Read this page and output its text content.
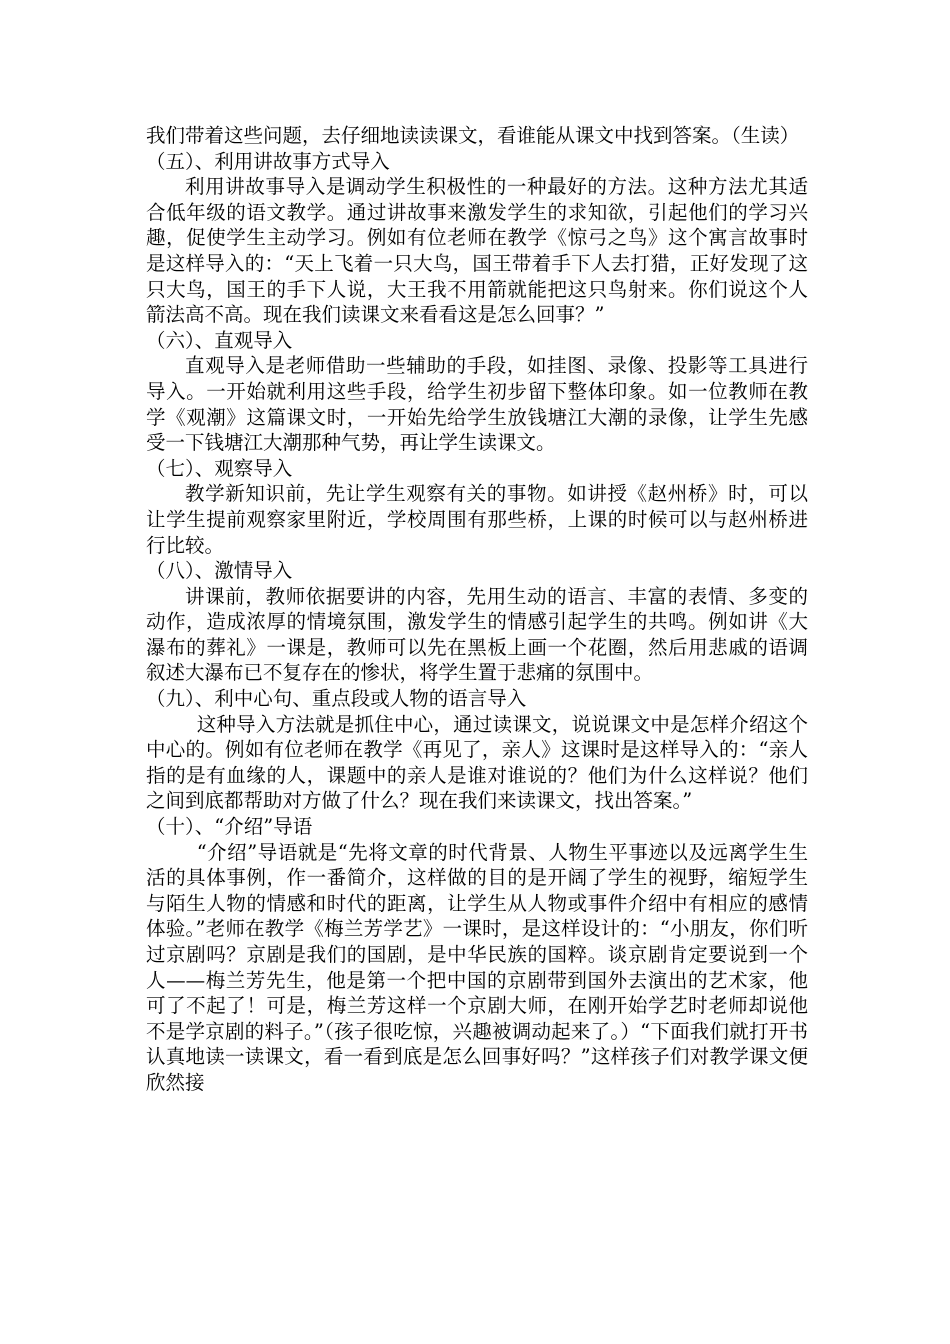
我们带着这些问题，去仔细地读读课文，看谁能从课文中找到答案。（生读）

（五）、利用讲故事方式导入

利用讲故事导入是调动学生积极性的一种最好的方法。这种方法尤其适合低年级的语文教学。通过讲故事来激发学生的求知欲，引起他们的学习兴趣，促使学生主动学习。例如有位老师在教学《惊弓之鸟》这个寓言故事时是这样导入的：“天上飞着一只大鸟，国王带着手下人去打猎，正好发现了这只大鸟，国王的手下人说，大王我不用箭就能把这只鸟射来。你们说这个人箭法高不高。现在我们读课文来看看这是怎么回事？”

（六）、直观导入

直观导入是老师借助一些辅助的手段，如挂图、录像、投影等工具进行导入。一开始就利用这些手段，给学生初步留下整体印象。如一位教师在教学《观潮》这篇课文时，一开始先给学生放钱塘江大潮的录像，让学生先感受一下钱塘江大潮那种气势，再让学生读课文。

（七）、观察导入

教学新知识前，先让学生观察有关的事物。如讲授《赵州桥》时，可以让学生提前观察家里附近，学校周围有那些桥，上课的时候可以与赵州桥进行比较。

（八）、激情导入

讲课前，教师依据要讲的内容，先用生动的语言、丰富的表情、多变的动作，造成浓厚的情境氛围，激发学生的情感引起学生的共鸣。例如讲《大瀑布的葬礼》一课是，教师可以先在黑板上画一个花圈，然后用悲戚的语调叙述大瀑布已不复存在的惨状，将学生置于悲痛的氛围中。

（九）、利中心句、重点段或人物的语言导入

这种导入方法就是抓住中心，通过读课文，说说课文中是怎样介绍这个中心的。例如有位老师在教学《再见了，亲人》这课时是这样导入的：“亲人指的是有血缘的人，课题中的亲人是谁对谁说的？他们为什么这样说？他们之间到底都帮助对方做了什么？现在我们来读课文，找出答案。”

（十）、“介绍”导语

“介绍”导语就是“先将文章的时代背景、人物生平事迹以及远离学生生活的具体事例，作一番简介，这样做的目的是开阔了学生的视野，缩短学生与陌生人物的情感和时代的距离，让学生从人物或事件介绍中有相应的感情体验。”老师在教学《梅兰芳学艺》一课时，是这样设计的：“小朋友，你们听过京剧吗？京剧是我们的国剧，是中华民族的国粹。谈京剧肯定要说到一个人——梅兰芳先生，他是第一个把中国的京剧带到国外去演出的艺术家，他可了不起了！可是，梅兰芳这样一个京剧大师，在刚开始学艺时老师却说他不是学京剧的料子。”（孩子很吃惊，兴趣被调动起来了。）“下面我们就打开书认真地读一读课文，看一看到底是怎么回事好吗？”这样孩子们对教学课文便欣然接
